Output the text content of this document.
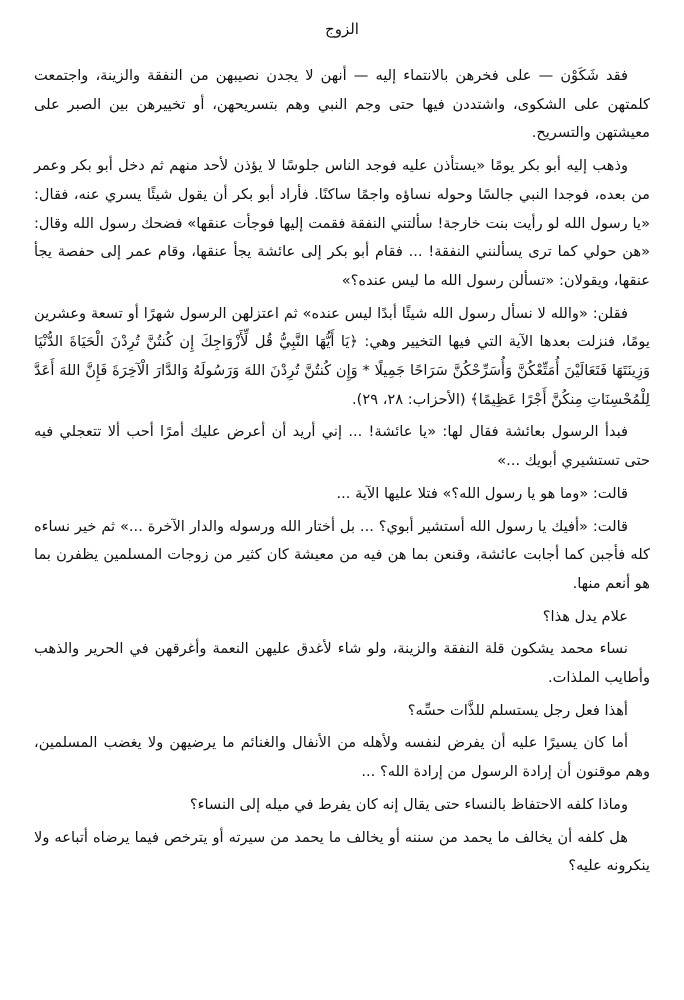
الزوج

فقد شَكَوْن — على فخرهن بالانتماء إليه — أنهن لا يجدن نصيبهن من النفقة والزينة، واجتمعت كلمتهن على الشكوى، واشتددن فيها حتى وجم النبي وهم بتسريحهن، أو تخييرهن بين الصبر على معيشتهن والتسريح.

وذهب إليه أبو بكر يومًا «يستأذن عليه فوجد الناس جلوسًا لا يؤذن لأحد منهم ثم دخل أبو بكر وعمر من بعده، فوجدا النبي جالسًا وحوله نساؤه واجمًا ساكنًا. فأراد أبو بكر أن يقول شيئًا يسري عنه، فقال: «يا رسول الله لو رأيت بنت خارجة! سألتني النفقة فقمت إليها فوجأت عنقها» فضحك رسول الله وقال: «هن حولي كما ترى يسألنني النفقة! ... فقام أبو بكر إلى عائشة يجأ عنقها، وقام عمر إلى حفصة يجأ عنقها، ويقولان: «تسألن رسول الله ما ليس عنده؟»

فقلن: «والله لا نسأل رسول الله شيئًا أبدًا ليس عنده» ثم اعتزلهن الرسول شهرًا أو تسعة وعشرين يومًا، فنزلت بعدها الآية التي فيها التخيير وهي: ﴿يَا أَيُّهَا النَّبِيُّ قُل لِّأَزْوَاجِكَ إِن كُنتُنَّ تُرِدْنَ الْحَيَاةَ الدُّنْيَا وَزِينَتَهَا فَتَعَالَيْنَ أُمَتِّعْكُنَّ وَأُسَرِّحْكُنَّ سَرَاحًا جَمِيلًا * وَإِن كُنتُنَّ تُرِدْنَ اللهَ وَرَسُولَهُ وَالدَّارَ الْآخِرَةَ فَإِنَّ اللهَ أَعَدَّ لِلْمُحْسِنَاتِ مِنكُنَّ أَجْرًا عَظِيمًا﴾ (الأحزاب: ٢٨، ٢٩).

فبدأ الرسول بعائشة فقال لها: «يا عائشة! ... إني أريد أن أعرض عليك أمرًا أحب ألا تتعجلي فيه حتى تستشيري أبويك ...»

قالت: «وما هو يا رسول الله؟» فتلا عليها الآية ...

قالت: «أفيك يا رسول الله أستشير أبوي؟ ... بل أختار الله ورسوله والدار الآخرة ...» ثم خير نساءه كله فأجبن كما أجابت عائشة، وقنعن بما هن فيه من معيشة كان كثير من زوجات المسلمين يظفرن بما هو أنعم منها.

علام يدل هذا؟

نساء محمد يشكون قلة النفقة والزينة، ولو شاء لأغدق عليهن النعمة وأغرقهن في الحرير والذهب وأطايب الملذات.

أهذا فعل رجل يستسلم للذَّات حسِّه؟

أما كان يسيرًا عليه أن يفرض لنفسه ولأهله من الأنفال والغنائم ما يرضيهن ولا يغضب المسلمين، وهم موقنون أن إرادة الرسول من إرادة الله؟ ...

وماذا كلفه الاحتفاظ بالنساء حتى يقال إنه كان يفرط في ميله إلى النساء؟

هل كلفه أن يخالف ما يحمد من سننه أو يخالف ما يحمد من سيرته أو يترخص فيما يرضاه أتباعه ولا ينكرونه عليه؟
